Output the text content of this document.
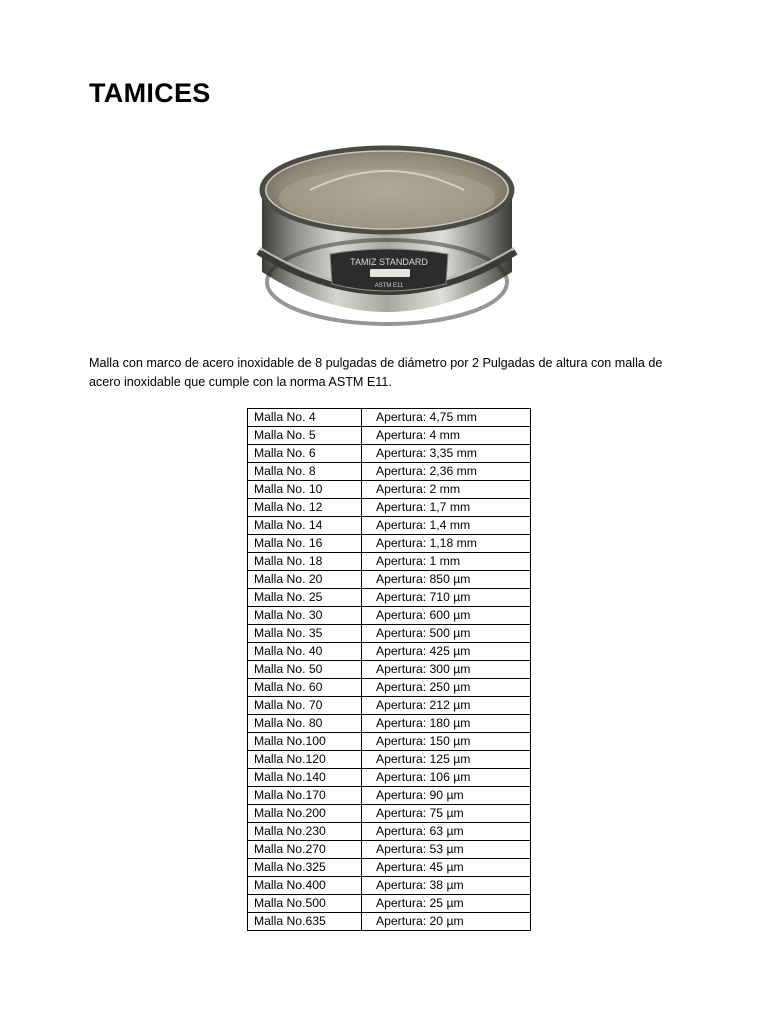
TAMICES
TAMIZ STANDARD
ASTM E11

Malla con marco de acero inoxidable de 8 pulgadas de diámetro por 2 Pulgadas de altura con malla de acero inoxidable que cumple con la norma ASTM E11.

Malla No. 4	Apertura: 4,75 mm
Malla No. 5	Apertura: 4 mm
Malla No. 6	Apertura: 3,35 mm
Malla No. 8	Apertura: 2,36 mm
Malla No. 10	Apertura: 2 mm
Malla No. 12	Apertura: 1,7 mm
Malla No. 14	Apertura: 1,4 mm
Malla No. 16	Apertura: 1,18 mm
Malla No. 18	Apertura: 1 mm
Malla No. 20	Apertura: 850 µm
Malla No. 25	Apertura: 710 µm
Malla No. 30	Apertura: 600 µm
Malla No. 35	Apertura: 500 µm
Malla No. 40	Apertura: 425 µm
Malla No. 50	Apertura: 300 µm
Malla No. 60	Apertura: 250 µm
Malla No. 70	Apertura: 212 µm
Malla No. 80	Apertura: 180 µm
Malla No.100	Apertura: 150 µm
Malla No.120	Apertura: 125 µm
Malla No.140	Apertura: 106 µm
Malla No.170	Apertura: 90 µm
Malla No.200	Apertura: 75 µm
Malla No.230	Apertura: 63 µm
Malla No.270	Apertura: 53 µm
Malla No.325	Apertura: 45 µm
Malla No.400	Apertura: 38 µm
Malla No.500	Apertura: 25 µm
Malla No.635	Apertura: 20 µm
